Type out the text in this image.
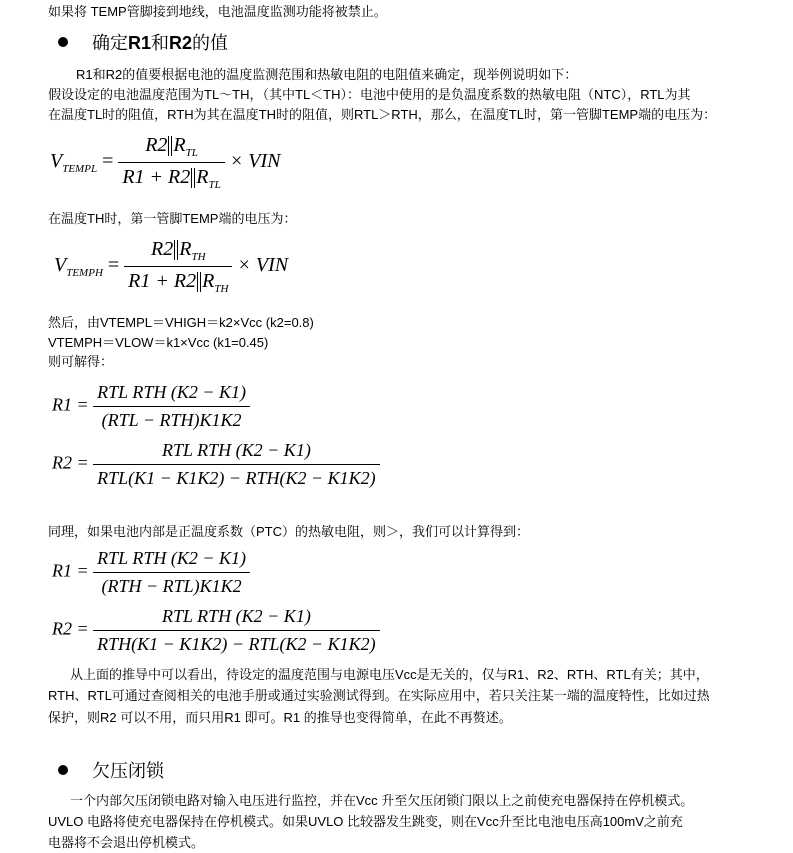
如果将 TEMP管脚接到地线，电池温度监测功能将被禁止。
确定R1和R2的值
R1和R2的值要根据电池的温度监测范围和热敏电阻的电阻值来确定，现举例说明如下：
假设设定的电池温度范围为TL～TH，（其中TL＜TH）：电池中使用的是负温度系数的热敏电阻（NTC），RTL为其
在温度TL时的阻值，RTH为其在温度TH时的阻值，则RTL＞RTH，那么，在温度TL时，第一管脚TEMP端的电压为：
$V_{TEMPL} = \frac{R2 R_{TL}}{R1 + R2 R_{TL}}$ × VIN
在温度TH时，第一管脚TEMP端的电压为：
$V_{TEMPH} = \frac{R2 R_{TH}}{R1 + R2 R_{TH}}$ × VIN
然后，由VTEMPL＝VHIGH＝k2×Vcc (k2=0.8)
VTEMPH＝VLOW＝k1×Vcc (k1=0.45)
则可解得：
$R1 = \frac{\text{RTL RTH (K2 − K1)}}{\text{(RTL − RTH)K1K2}}$
$R2 = \frac{\text{RTL RTH (K2 − K1)}}{\text{RTL(K1 − K1K2) − RTH(K2 − K1K2)}}$
同理，如果电池内部是正温度系数（PTC）的热敏电阻，则＞，我们可以计算得到：
$R1 = \frac{\text{RTL RTH (K2 − K1)}}{\text{(RTH − RTL)K1K2}}$
$R2 = \frac{\text{RTL RTH (K2 − K1)}}{\text{RTH(K1 − K1K2) − RTL(K2 − K1K2)}}$
从上面的推导中可以看出，待设定的温度范围与电源电压Vcc是无关的，仅与R1、R2、RTH、RTL有关；其中，
RTH、RTL可通过查阅相关的电池手册或通过实验测试得到。在实际应用中，若只关注某一端的温度特性，比如过热
保护，则R2 可以不用，而只用R1 即可。R1 的推导也变得简单，在此不再赘述。
欠压闭锁
一个内部欠压闭锁电路对输入电压进行监控，并在Vcc 升至欠压闭锁门限以上之前使充电器保持在停机模式。
UVLO 电路将使充电器保持在停机模式。如果UVLO 比较器发生跳变，则在Vcc升至比电池电压高100mV之前充
电器将不会退出停机模式。
